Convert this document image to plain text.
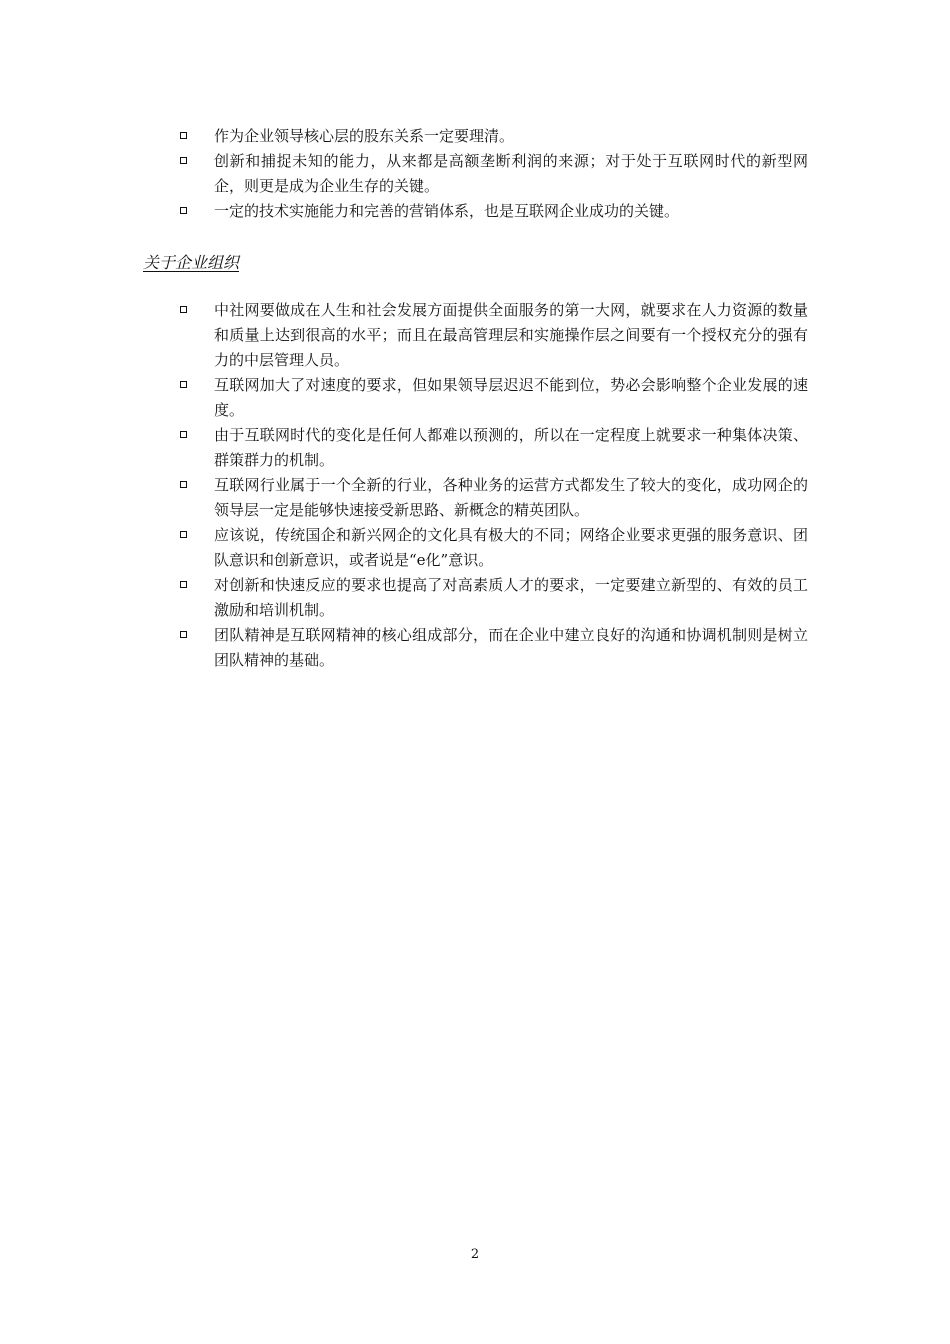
作为企业领导核心层的股东关系一定要理清。
创新和捕捉未知的能力，从来都是高额垄断利润的来源；对于处于互联网时代的新型网企，则更是成为企业生存的关键。
一定的技术实施能力和完善的营销体系，也是互联网企业成功的关键。
关于企业组织
中社网要做成在人生和社会发展方面提供全面服务的第一大网，就要求在人力资源的数量和质量上达到很高的水平；而且在最高管理层和实施操作层之间要有一个授权充分的强有力的中层管理人员。
互联网加大了对速度的要求，但如果领导层迟迟不能到位，势必会影响整个企业发展的速度。
由于互联网时代的变化是任何人都难以预测的，所以在一定程度上就要求一种集体决策、群策群力的机制。
互联网行业属于一个全新的行业，各种业务的运营方式都发生了较大的变化，成功网企的领导层一定是能够快速接受新思路、新概念的精英团队。
应该说，传统国企和新兴网企的文化具有极大的不同；网络企业要求更强的服务意识、团队意识和创新意识，或者说是“e化”意识。
对创新和快速反应的要求也提高了对高素质人才的要求，一定要建立新型的、有效的员工激励和培训机制。
团队精神是互联网精神的核心组成部分，而在企业中建立良好的沟通和协调机制则是树立团队精神的基础。
2
